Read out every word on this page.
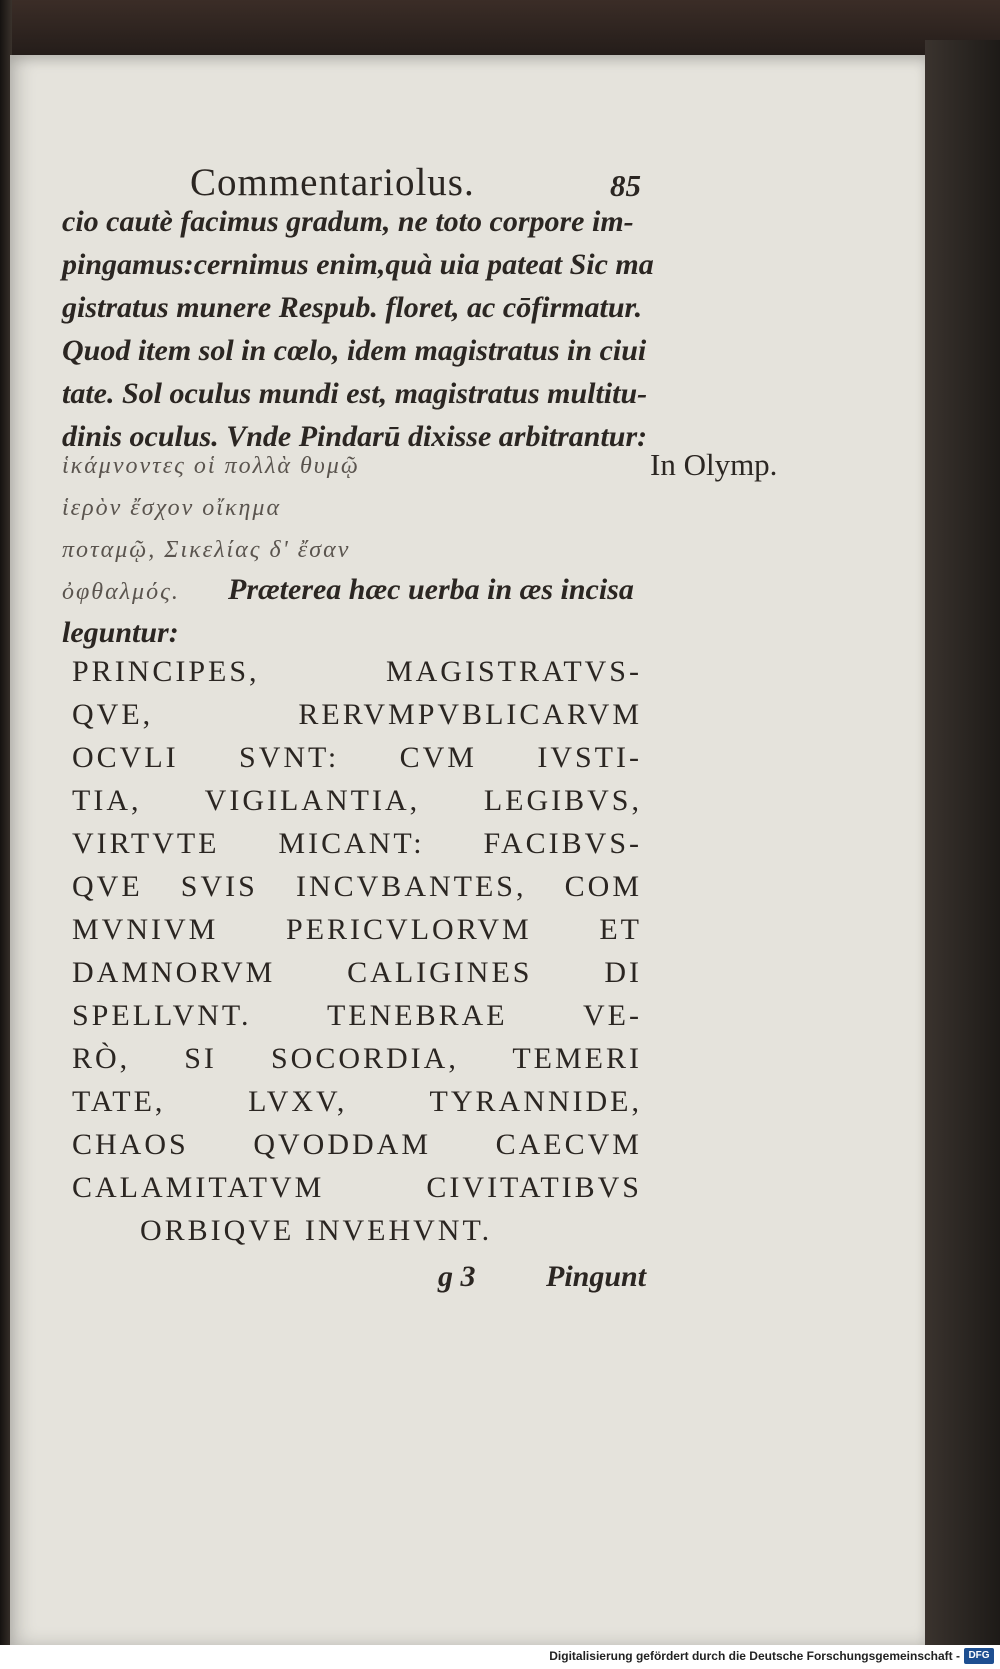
Commentariolus.	85
cio cautè facimus gradum, ne toto corpore im-
pingamus:cernimus enim,quà uia pateat Sic ma
gistratus munere Respub. floret, ac cōfirmatur.
Quod item sol in cœlo, idem magistratus in ciui
tate. Sol oculus mundi est, magistratus multitu-
dinis oculus. Vnde Pindarū dixisse arbitrantur:
ἱκάμνοντες οἱ πολλὰ θυμῷ
ἱερὸν ἔσχον οἴκημα
ποταμῷ, Σικελίας δ' ἔσαν
ὀφθαλμός. Præterea hæc uerba in æs incisa
leguntur:
In Olymp.
PRINCIPES, MAGISTRATVS-
QVE, RERVMPVBLICARVM
OCVLI SVNT: CVM IVSTI-
TIA, VIGILANTIA, LEGIBVS,
VIRTVTE MICANT: FACIBVS-
QVE SVIS INCVBANTES, COM
MVNIVM PERICVLORVM ET
DAMNORVM CALIGINES DI
SPELLVNT. TENEBRAE VE-
RÒ, SI SOCORDIA, TEMERI
TATE, LVXV, TYRANNIDE,
CHAOS QVODDAM CAECVM
CALAMITATVM CIVITATIBVS
ORBIQVE INVEHVNT.
g 3 Pingunt
Digitalisierung gefördert durch die Deutsche Forschungsgemeinschaft - DFG
